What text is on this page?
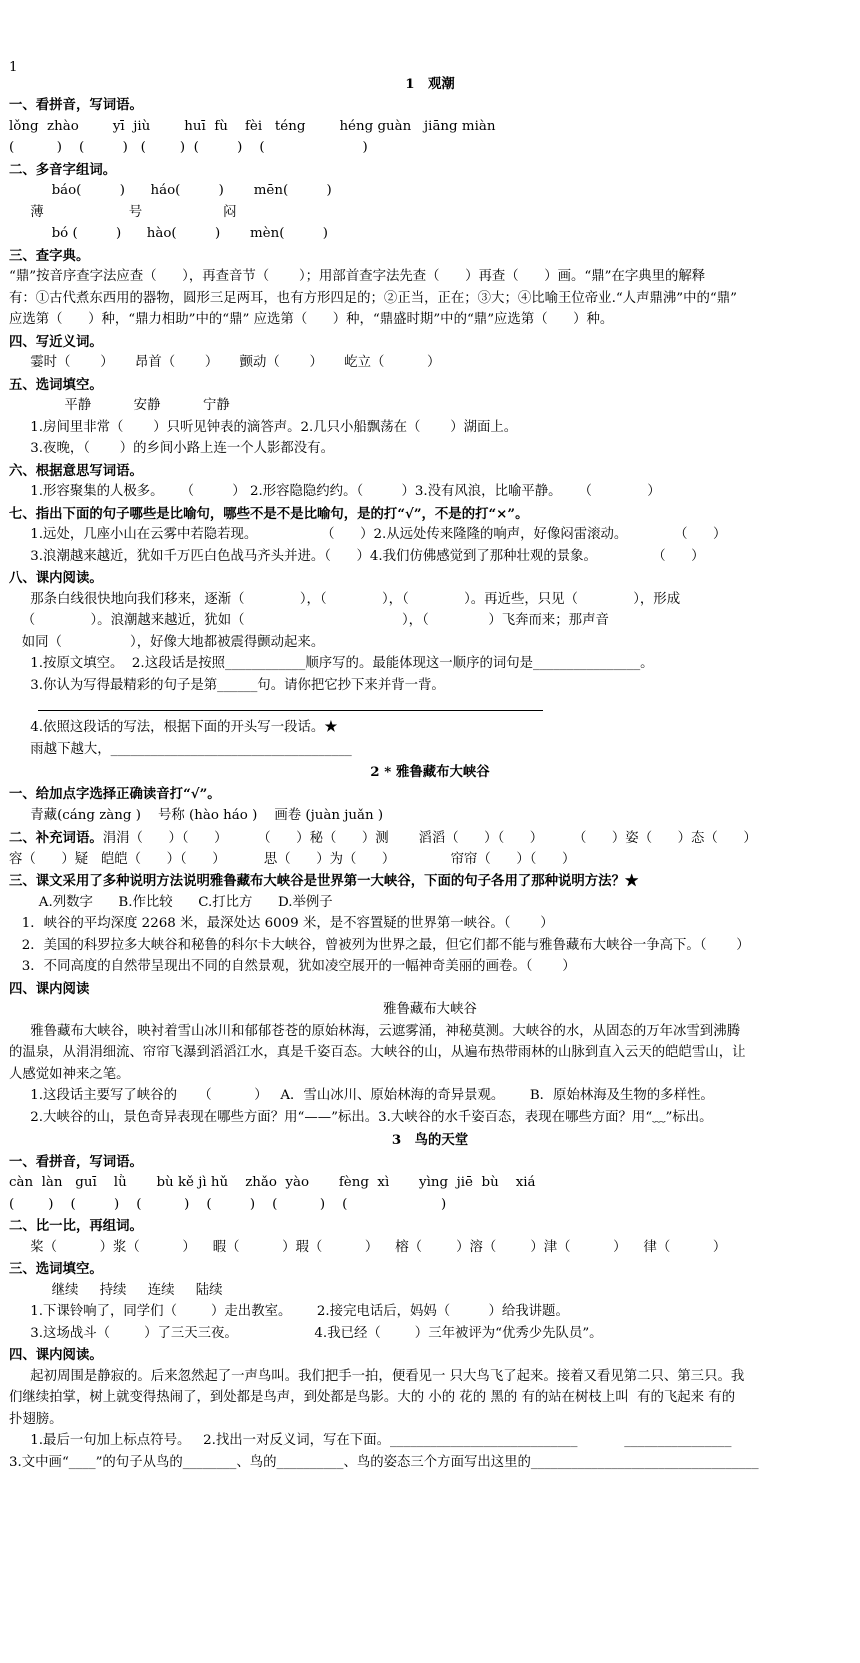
1
1　观潮
一、看拼音，写词语。
lǒng  zhào        yī  jiù        huī  fù    fèi   téng        héng guàn   jiāng miàn
(          )    (         )   (        )  (         )    (                       )
二、多音字组词。
báo(         )      háo(         )       mēn(         )
薄                    号                   闷
bó (         )      hào(         )       mèn(         )
三、查字典。
“鼎”按音序查字法应查（      ），再查音节（       ）；用部首查字法先查（      ）再查（      ）画。“鼎”在字典里的解释
有：①古代煮东西用的器物，圆形三足两耳，也有方形四足的；②正当，正在；③大；④比喻王位帝业.“人声鼎沸”中的“鼎”
应选第（      ）种，“鼎力相助”中的“鼎” 应选第（      ）种，“鼎盛时期”中的“鼎”应选第（      ）种。
四、写近义词。
霎时（       ）     昂首（       ）     颤动（       ）     屹立（          ）
五、选词填空。
平静          安静          宁静
1.房间里非常（       ）只听见钟表的滴答声。2.几只小船飘荡在（       ）湖面上。
3.夜晚，（       ）的乡间小路上连一个人影都没有。
六、根据意思写词语。
1.形容聚集的人极多。    （         ） 2.形容隐隐约约。（         ）3.没有风浪，比喻平静。    （             ）
七、指出下面的句子哪些是比喻句，哪些不是不是比喻句，是的打“√”，不是的打“×”。
1.远处，几座小山在云雾中若隐若现。               （      ）2.从远处传来隆隆的响声，好像闷雷滚动。           （      ）
3.浪潮越来越近，犹如千万匹白色战马齐头并进。（      ）4.我们仿佛感觉到了那种壮观的景象。             （      ）
八、课内阅读。
那条白线很快地向我们移来，逐渐（             ），（             ），（             ）。再近些，只见（             ），形成
（             ）。浪潮越来越近，犹如（                                     ），（              ）飞奔而来；那声音
如同（                ），好像大地都被震得颤动起来。
1.按原文填空。  2.这段话是按照____________顺序写的。最能体现这一顺序的词句是________________。
3.你认为写得最精彩的句子是第______句。请你把它抄下来并背一背。
4.依照这段话的写法，根据下面的开头写一段话。★
雨越下越大，____________________________________
2 * 雅鲁藏布大峡谷
一、给加点字选择正确读音打“√”。
青藏(cáng zàng )    号称 (hào háo )    画卷 (juàn juǎn )
二、补充词语。涓涓（      ）（      ）       （      ）秘（      ）测       滔滔（      ）（      ）       （      ）姿（      ）态（      ）
容（      ）疑   皑皑（      ）（      ）         思（      ）为（      ）             帘帘（      ）（      ）
三、课文采用了多种说明方法说明雅鲁藏布大峡谷是世界第一大峡谷，下面的句子各用了那种说明方法？★
A.列数字      B.作比较      C.打比方      D.举例子
1．峡谷的平均深度 2268 米，最深处达 6009 米，是不容置疑的世界第一峡谷。（       ）
2．美国的科罗拉多大峡谷和秘鲁的科尔卡大峡谷，曾被列为世界之最，但它们都不能与雅鲁藏布大峡谷一争高下。（       ）
3．不同高度的自然带呈现出不同的自然景观，犹如凌空展开的一幅神奇美丽的画卷。（       ）
四、课内阅读
雅鲁藏布大峡谷
雅鲁藏布大峡谷，映衬着雪山冰川和郁郁苍苍的原始林海，云遮雾涌，神秘莫测。大峡谷的水，从固态的万年冰雪到沸腾
的温泉，从涓涓细流、帘帘飞瀑到滔滔江水，真是千姿百态。大峡谷的山，从遍布热带雨林的山脉到直入云天的皑皑雪山，让
人感觉如神来之笔。
1.这段话主要写了峡谷的     （          ）   A．雪山冰川、原始林海的奇异景观。      B．原始林海及生物的多样性。
2.大峡谷的山，景色奇异表现在哪些方面？用“——”标出。3.大峡谷的水千姿百态，表现在哪些方面？用“﹏”标出。
3　鸟的天堂
一、看拼音，写词语。
càn  làn   guī    lǜ       bù kě jì hǔ    zhǎo  yào       fèng  xì       yìng  jiē  bù    xiá
(        )    (         )    (          )    (         )    (          )    (                      )
二、比一比，再组词。
桨（          ）浆（          ）    暇（          ）瑕（          ）    榕（        ）溶（        ）津（          ）    律（          ）
三、选词填空。
继续     持续     连续     陆续
1.下课铃响了，同学们（        ）走出教室。      2.接完电话后，妈妈（         ）给我讲题。
3.这场战斗（        ）了三天三夜。                  4.我已经（        ）三年被评为“优秀少先队员”。
四、课内阅读。
起初周围是静寂的。后来忽然起了一声鸟叫。我们把手一拍，便看见一 只大鸟飞了起来。接着又看见第二只、第三只。我
们继续拍掌，树上就变得热闹了，到处都是鸟声，到处都是鸟影。大的 小的 花的 黑的 有的站在树枝上叫  有的飞起来 有的
扑翅膀。
1.最后一句加上标点符号。   2.找出一对反义词，写在下面。____________________________           ________________
3.文中画“____”的句子从鸟的________、鸟的__________、鸟的姿态三个方面写出这里的__________________________________
